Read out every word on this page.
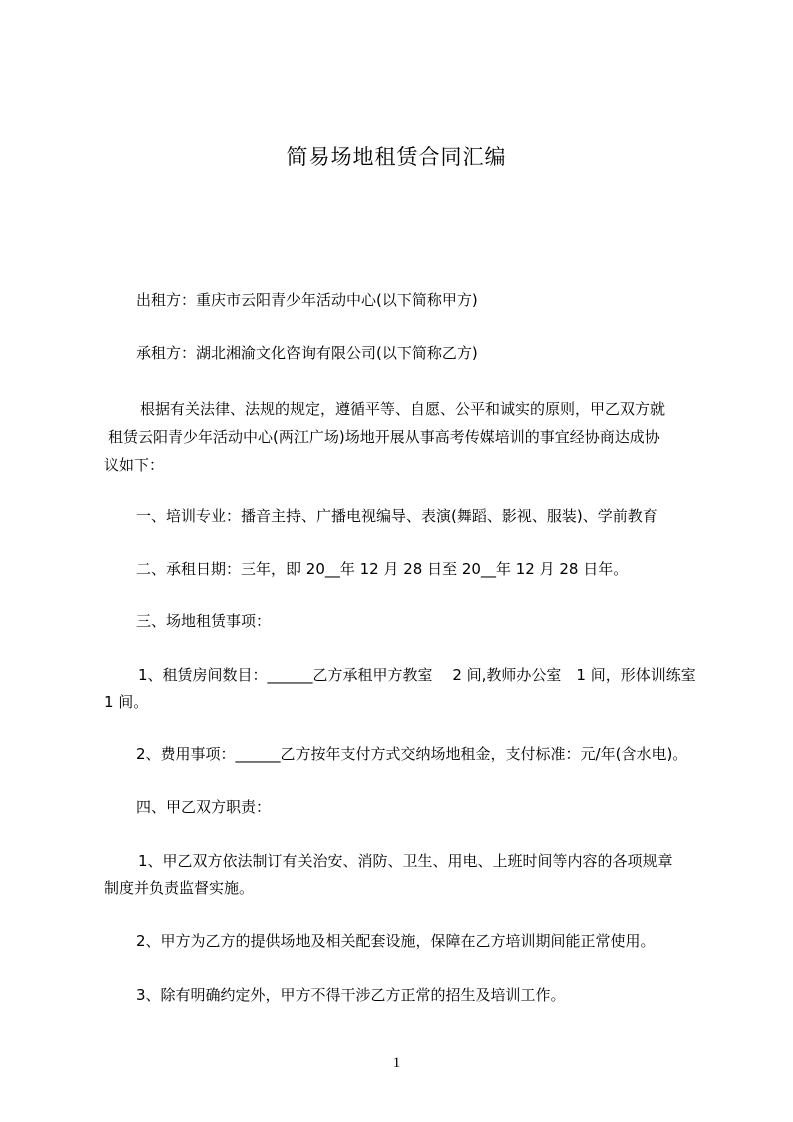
简易场地租赁合同汇编
出租方：重庆市云阳青少年活动中心(以下简称甲方)
承租方：湖北湘渝文化咨询有限公司(以下简称乙方)
根据有关法律、法规的规定，遵循平等、自愿、公平和诚实的原则，甲乙双方就
租赁云阳青少年活动中心(两江广场)场地开展从事高考传媒培训的事宜经协商达成协
议如下：
一、培训专业：播音主持、广播电视编导、表演(舞蹈、影视、服装)、学前教育
二、承租日期：三年，即 20__年 12 月 28 日至 20__年 12 月 28 日年。
三、场地租赁事项：
1、租赁房间数目：______乙方承租甲方教室　 2 间,教师办公室　1 间，形体训练室
1 间。
2、费用事项：______乙方按年支付方式交纳场地租金，支付标准：元/年(含水电)。
四、甲乙双方职责：
1、甲乙双方依法制订有关治安、消防、卫生、用电、上班时间等内容的各项规章
制度并负责监督实施。
2、甲方为乙方的提供场地及相关配套设施，保障在乙方培训期间能正常使用。
3、除有明确约定外，甲方不得干涉乙方正常的招生及培训工作。
1
